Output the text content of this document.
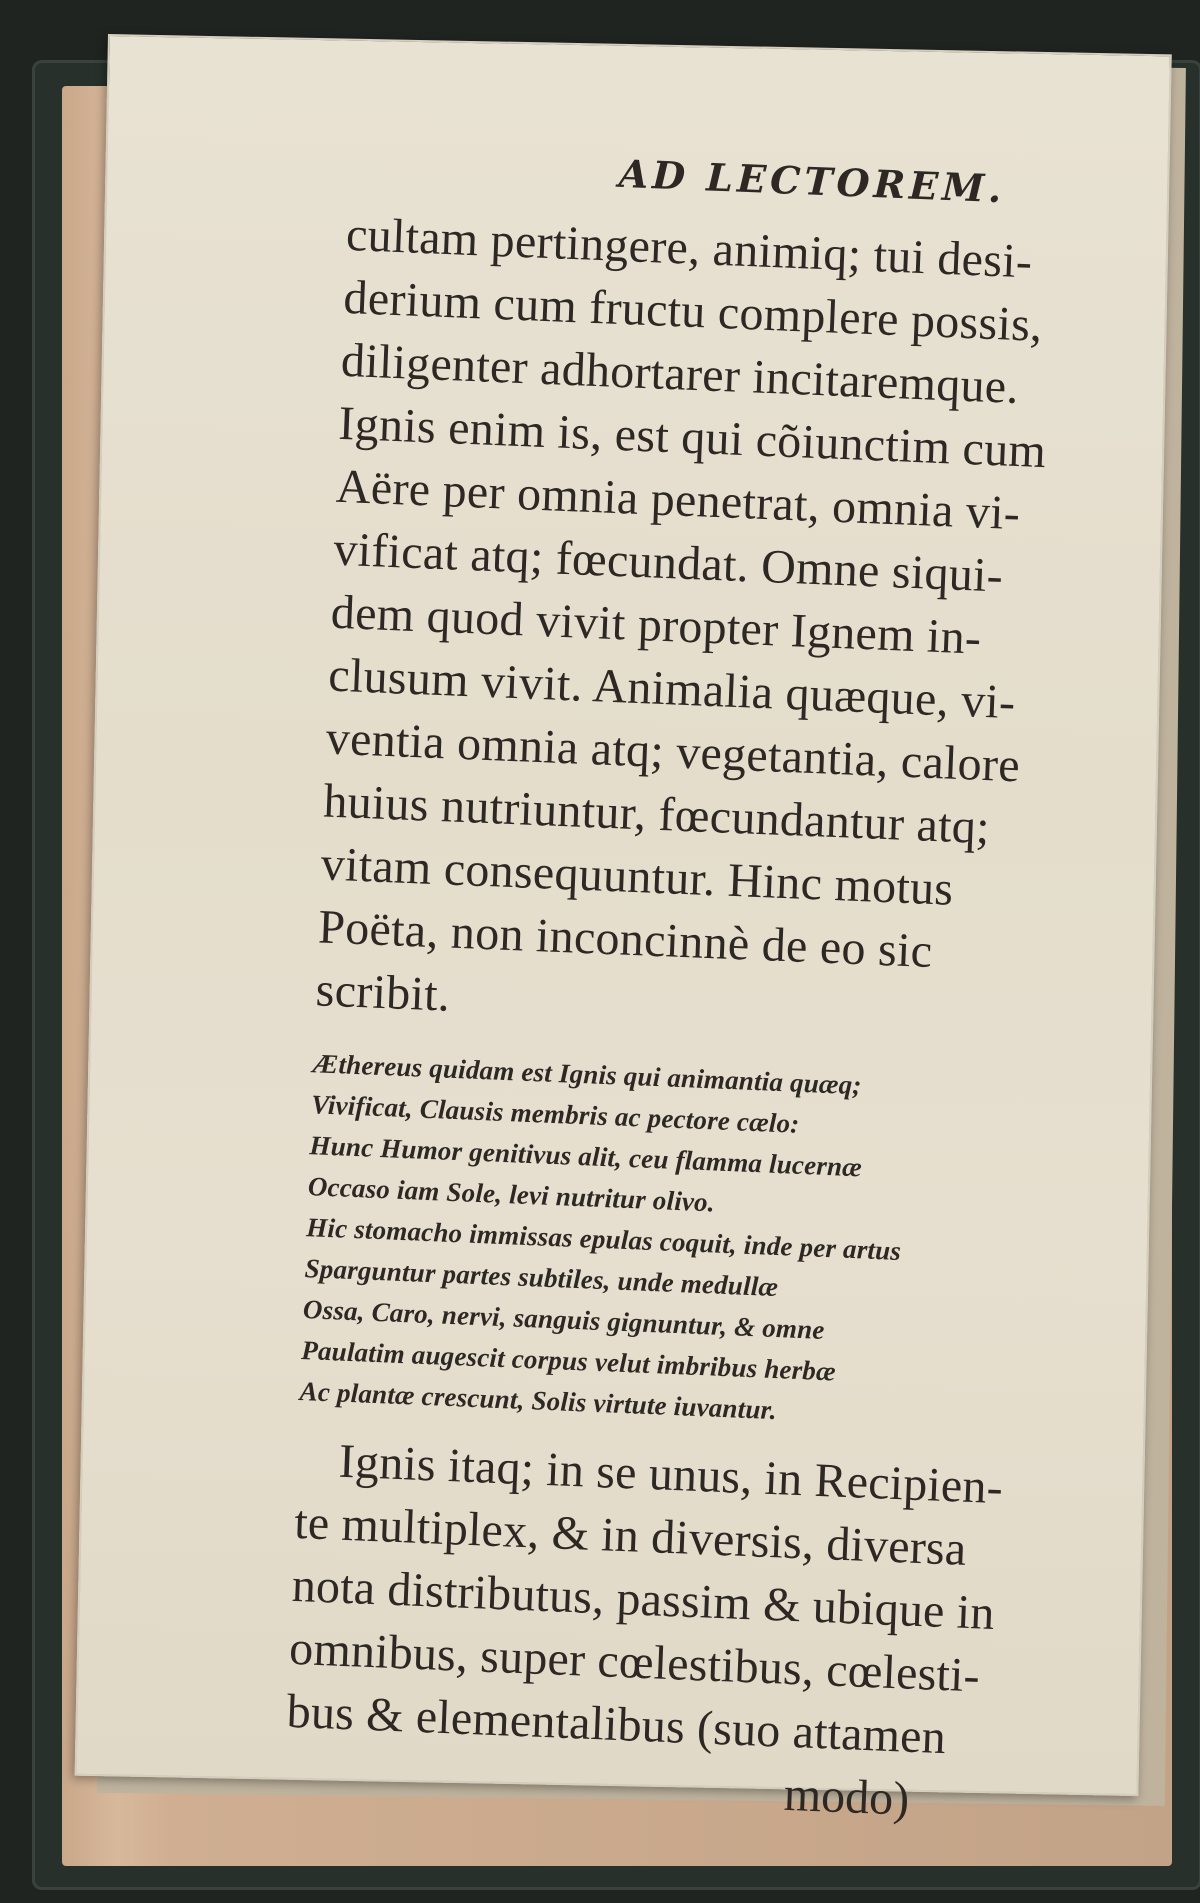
AD LECTOREM.
cultam pertingere, animiq; tui desi-
derium cum fructu complere possis,
diligenter adhortarer incitaremque.
Ignis enim is, est qui cõiunctim cum
Aëre per omnia penetrat, omnia vi-
vificat atq; fœcundat. Omne siqui-
dem quod vivit propter Ignem in-
clusum vivit. Animalia quæque, vi-
ventia omnia atq; vegetantia, calore
huius nutriuntur, fœcundantur atq;
vitam consequuntur. Hinc motus
Poëta, non inconcinnè de eo sic
scribit.
Æthereus quidam est Ignis qui animantia quæq;
Vivificat, Clausis membris ac pectore cælo:
Hunc Humor genitivus alit, ceu flamma lucernæ
Occaso iam Sole, levi nutritur olivo.
Hic stomacho immissas epulas coquit, inde per artus
Sparguntur partes subtiles, unde medullæ
Ossa, Caro, nervi, sanguis gignuntur, & omne
Paulatim augescit corpus velut imbribus herbæ
Ac plantæ crescunt, Solis virtute iuvantur.
Ignis itaq; in se unus, in Recipien-
te multiplex, & in diversis, diversa
nota distributus, passim & ubique in
omnibus, super cœlestibus, cœlesti-
bus & elementalibus (suo attamen
modo)
